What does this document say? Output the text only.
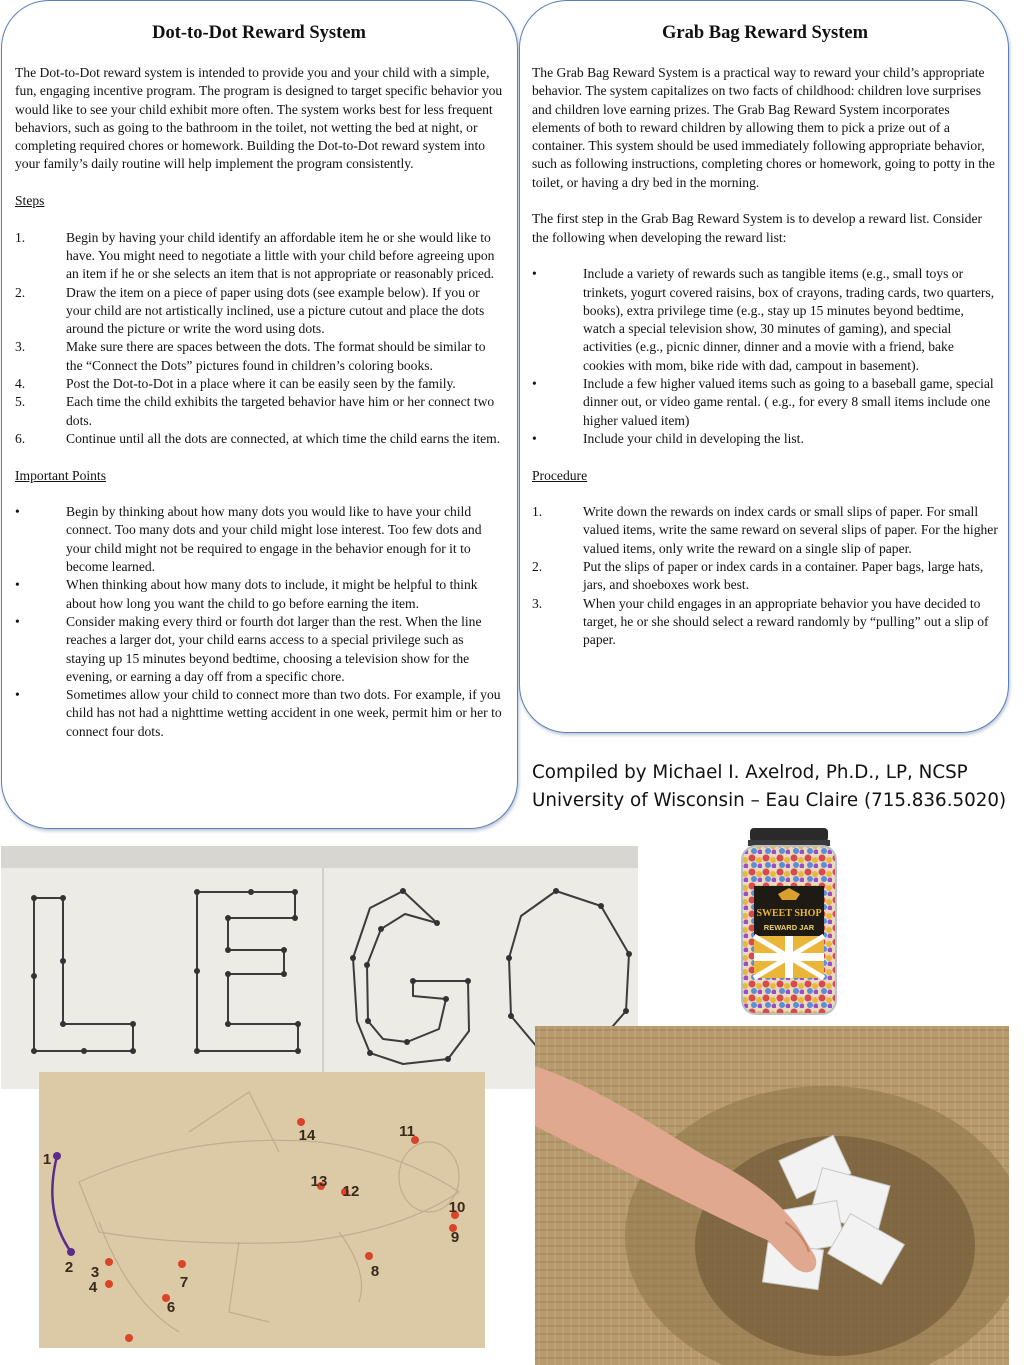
Dot-to-Dot Reward System

The Dot-to-Dot reward system is intended to provide you and your child with a simple, fun, engaging incentive program. The program is designed to target specific behavior you would like to see your child exhibit more often. The system works best for less frequent behaviors, such as going to the bathroom in the toilet, not wetting the bed at night, or completing required chores or homework. Building the Dot-to-Dot reward system into your family’s daily routine will help implement the program consistently.

Steps

1.	Begin by having your child identify an affordable item he or she would like to have. You might need to negotiate a little with your child before agreeing upon an item if he or she selects an item that is not appropriate or reasonably priced.
2.	Draw the item on a piece of paper using dots (see example below). If you or your child are not artistically inclined, use a picture cutout and place the dots around the picture or write the word using dots.
3.	Make sure there are spaces between the dots. The format should be similar to the “Connect the Dots” pictures found in children’s coloring books.
4.	Post the Dot-to-Dot in a place where it can be easily seen by the family.
5.	Each time the child exhibits the targeted behavior have him or her connect two dots.
6.	Continue until all the dots are connected, at which time the child earns the item.

Important Points

•	Begin by thinking about how many dots you would like to have your child connect. Too many dots and your child might lose interest. Too few dots and your child might not be required to engage in the behavior enough for it to become learned.
•	When thinking about how many dots to include, it might be helpful to think about how long you want the child to go before earning the item.
•	Consider making every third or fourth dot larger than the rest. When the line reaches a larger dot, your child earns access to a special privilege such as staying up 15 minutes beyond bedtime, choosing a television show for the evening, or earning a day off from a specific chore.
•	Sometimes allow your child to connect more than two dots. For example, if you child has not had a nighttime wetting accident in one week, permit him or her to connect four dots.
Grab Bag Reward System

The Grab Bag Reward System is a practical way to reward your child’s appropriate behavior. The system capitalizes on two facts of childhood: children love surprises and children love earning prizes. The Grab Bag Reward System incorporates elements of both to reward children by allowing them to pick a prize out of a container. This system should be used immediately following appropriate behavior, such as following instructions, completing chores or homework, going to potty in the toilet, or having a dry bed in the morning.

The first step in the Grab Bag Reward System is to develop a reward list. Consider the following when developing the reward list:

•	Include a variety of rewards such as tangible items (e.g., small toys or trinkets, yogurt covered raisins, box of crayons, trading cards, two quarters, books), extra privilege time (e.g., stay up 15 minutes beyond bedtime, watch a special television show, 30 minutes of gaming), and special activities (e.g., picnic dinner, dinner and a movie with a friend, bake cookies with mom, bike ride with dad, campout in basement).
•	Include a few higher valued items such as going to a baseball game, special dinner out, or video game rental. ( e.g., for every 8 small items include one higher valued item)
•	Include your child in developing the list.

Procedure

1.	Write down the rewards on index cards or small slips of paper. For small valued items, write the same reward on several slips of paper. For the higher valued items, only write the reward on a single slip of paper.
2.	Put the slips of paper or index cards in a container. Paper bags, large hats, jars, and shoeboxes work best.
3.	When your child engages in an appropriate behavior you have decided to target, he or she should select a reward randomly by “pulling” out a slip of paper.
Compiled by Michael I. Axelrod, Ph.D., LP, NCSP
University of Wisconsin – Eau Claire (715.836.5020)
SWEET SHOP
REWARD JAR
1
2 3
4
6
7
8
9
10
11
12
13
14
